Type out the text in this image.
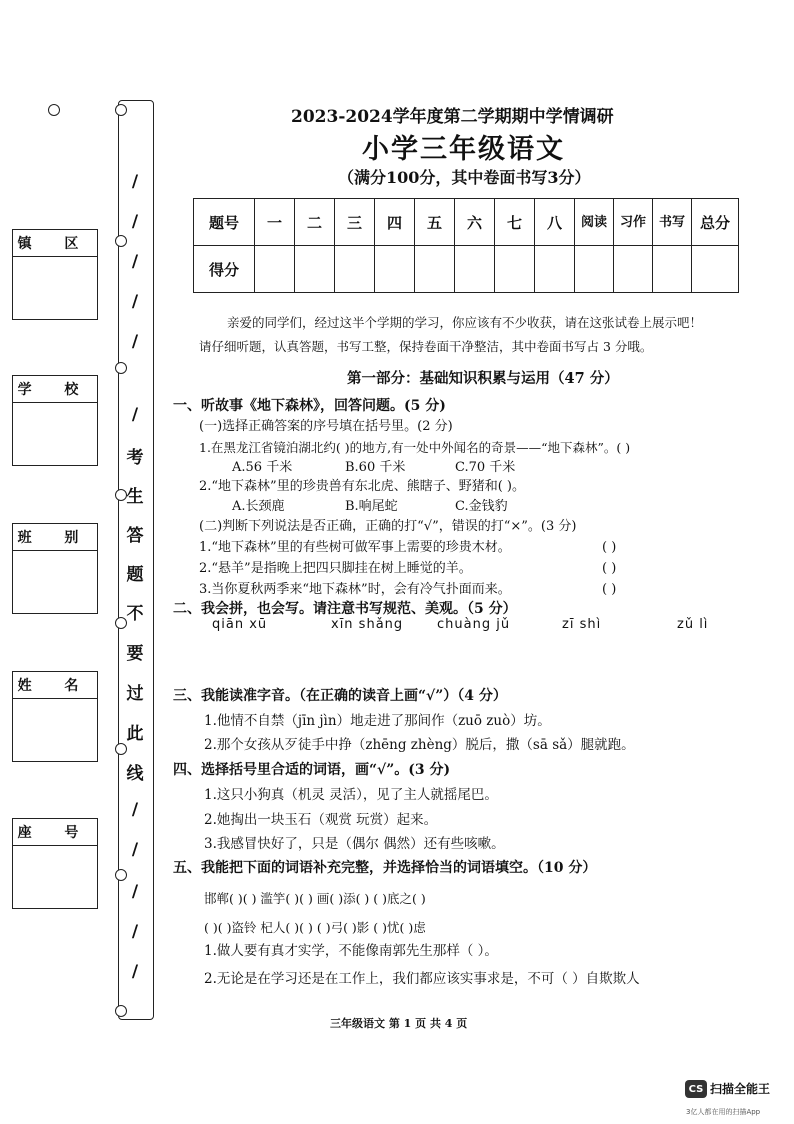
/
/
/
/
/
/
考
生
答
题
不
要
过
此
线
/
/
/
/
/
镇 区
学 校
班 别
姓 名
座 号
2023-2024学年度第二学期期中学情调研
小学三年级语文
（满分100分，其中卷面书写3分）
题号	一	二	三	四	五	六	七	八	阅读	习作	书写	总分
得分												
亲爱的同学们，经过这半个学期的学习，你应该有不少收获，请在这张试卷上展示吧！
请仔细听题，认真答题，书写工整，保持卷面干净整洁，其中卷面书写占 3 分哦。
第一部分：基础知识积累与运用（47 分）
一、听故事《地下森林》，回答问题。(5 分)
(一)选择正确答案的序号填在括号里。(2 分)
1.在黑龙江省镜泊湖北约( )的地方,有一处中外闻名的奇景——“地下森林”。( )
A.56 千米	B.60 千米	C.70 千米
2.“地下森林”里的珍贵兽有东北虎、熊瞎子、野猪和( )。
A.长颈鹿	B.响尾蛇	C.金钱豹
(二)判断下列说法是否正确，正确的打“√”，错误的打“×”。(3 分)
1.“地下森林”里的有些树可做军事上需要的珍贵木材。	( )
2.“悬羊”是指晚上把四只脚挂在树上睡觉的羊。	( )
3.当你夏秋两季来“地下森林”时，会有冷气扑面而来。	( )
二、我会拼，也会写。请注意书写规范、美观。（5 分）
qiān xū	xīn shǎng	chuàng jǔ	zī shì	zǔ lì
三、我能读准字音。（在正确的读音上画“√”）（4 分）
1.他情不自禁（jīn jìn）地走进了那间作（zuō zuò）坊。
2.那个女孩从歹徒手中挣（zhēng zhèng）脱后，撒（sā sǎ）腿就跑。
四、选择括号里合适的词语，画“√”。(3 分)
1.这只小狗真（机灵 灵活），见了主人就摇尾巴。
2.她掏出一块玉石（观赏 玩赏）起来。
3.我感冒快好了，只是（偶尔 偶然）还有些咳嗽。
五、我能把下面的词语补充完整，并选择恰当的词语填空。（10 分）
邯郸( )( ) 滥竽( )( ) 画( )添( ) ( )底之( )
( )( )盗铃 杞人( )( ) ( )弓( )影 ( )忧( )虑
1.做人要有真才实学，不能像南郭先生那样（ ）。
2.无论是在学习还是在工作上，我们都应该实事求是，不可（ ）自欺欺人
三年级语文 第 1 页 共 4 页
CS 扫描全能王
3亿人都在用的扫描App
